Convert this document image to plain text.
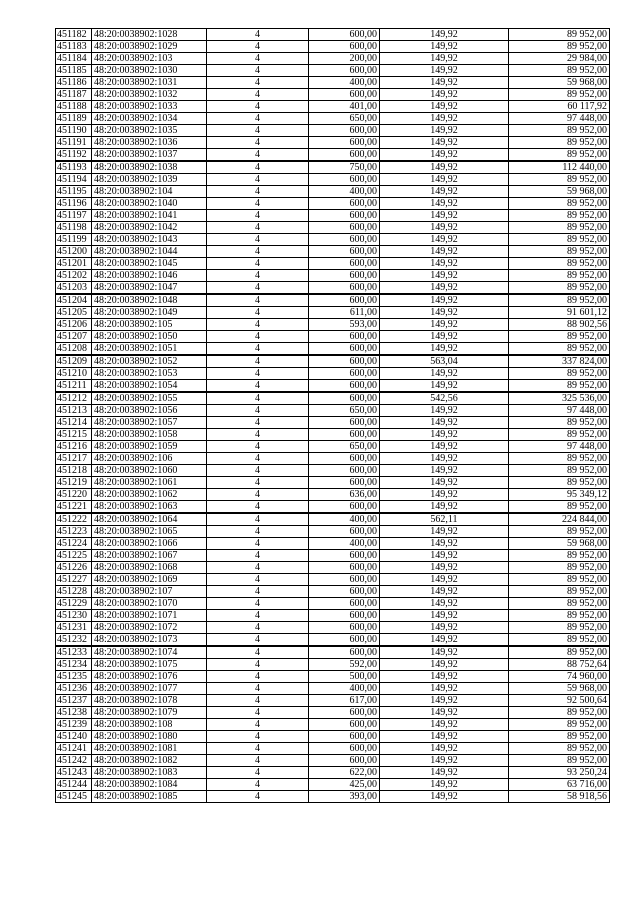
451182	48:20:0038902:1028	4	600,00	149,92	89 952,00
451183	48:20:0038902:1029	4	600,00	149,92	89 952,00
451184	48:20:0038902:103	4	200,00	149,92	29 984,00
451185	48:20:0038902:1030	4	600,00	149,92	89 952,00
451186	48:20:0038902:1031	4	400,00	149,92	59 968,00
451187	48:20:0038902:1032	4	600,00	149,92	89 952,00
451188	48:20:0038902:1033	4	401,00	149,92	60 117,92
451189	48:20:0038902:1034	4	650,00	149,92	97 448,00
451190	48:20:0038902:1035	4	600,00	149,92	89 952,00
451191	48:20:0038902:1036	4	600,00	149,92	89 952,00
451192	48:20:0038902:1037	4	600,00	149,92	89 952,00
451193	48:20:0038902:1038	4	750,00	149,92	112 440,00
451194	48:20:0038902:1039	4	600,00	149,92	89 952,00
451195	48:20:0038902:104	4	400,00	149,92	59 968,00
451196	48:20:0038902:1040	4	600,00	149,92	89 952,00
451197	48:20:0038902:1041	4	600,00	149,92	89 952,00
451198	48:20:0038902:1042	4	600,00	149,92	89 952,00
451199	48:20:0038902:1043	4	600,00	149,92	89 952,00
451200	48:20:0038902:1044	4	600,00	149,92	89 952,00
451201	48:20:0038902:1045	4	600,00	149,92	89 952,00
451202	48:20:0038902:1046	4	600,00	149,92	89 952,00
451203	48:20:0038902:1047	4	600,00	149,92	89 952,00
451204	48:20:0038902:1048	4	600,00	149,92	89 952,00
451205	48:20:0038902:1049	4	611,00	149,92	91 601,12
451206	48:20:0038902:105	4	593,00	149,92	88 902,56
451207	48:20:0038902:1050	4	600,00	149,92	89 952,00
451208	48:20:0038902:1051	4	600,00	149,92	89 952,00
451209	48:20:0038902:1052	4	600,00	563,04	337 824,00
451210	48:20:0038902:1053	4	600,00	149,92	89 952,00
451211	48:20:0038902:1054	4	600,00	149,92	89 952,00
451212	48:20:0038902:1055	4	600,00	542,56	325 536,00
451213	48:20:0038902:1056	4	650,00	149,92	97 448,00
451214	48:20:0038902:1057	4	600,00	149,92	89 952,00
451215	48:20:0038902:1058	4	600,00	149,92	89 952,00
451216	48:20:0038902:1059	4	650,00	149,92	97 448,00
451217	48:20:0038902:106	4	600,00	149,92	89 952,00
451218	48:20:0038902:1060	4	600,00	149,92	89 952,00
451219	48:20:0038902:1061	4	600,00	149,92	89 952,00
451220	48:20:0038902:1062	4	636,00	149,92	95 349,12
451221	48:20:0038902:1063	4	600,00	149,92	89 952,00
451222	48:20:0038902:1064	4	400,00	562,11	224 844,00
451223	48:20:0038902:1065	4	600,00	149,92	89 952,00
451224	48:20:0038902:1066	4	400,00	149,92	59 968,00
451225	48:20:0038902:1067	4	600,00	149,92	89 952,00
451226	48:20:0038902:1068	4	600,00	149,92	89 952,00
451227	48:20:0038902:1069	4	600,00	149,92	89 952,00
451228	48:20:0038902:107	4	600,00	149,92	89 952,00
451229	48:20:0038902:1070	4	600,00	149,92	89 952,00
451230	48:20:0038902:1071	4	600,00	149,92	89 952,00
451231	48:20:0038902:1072	4	600,00	149,92	89 952,00
451232	48:20:0038902:1073	4	600,00	149,92	89 952,00
451233	48:20:0038902:1074	4	600,00	149,92	89 952,00
451234	48:20:0038902:1075	4	592,00	149,92	88 752,64
451235	48:20:0038902:1076	4	500,00	149,92	74 960,00
451236	48:20:0038902:1077	4	400,00	149,92	59 968,00
451237	48:20:0038902:1078	4	617,00	149,92	92 500,64
451238	48:20:0038902:1079	4	600,00	149,92	89 952,00
451239	48:20:0038902:108	4	600,00	149,92	89 952,00
451240	48:20:0038902:1080	4	600,00	149,92	89 952,00
451241	48:20:0038902:1081	4	600,00	149,92	89 952,00
451242	48:20:0038902:1082	4	600,00	149,92	89 952,00
451243	48:20:0038902:1083	4	622,00	149,92	93 250,24
451244	48:20:0038902:1084	4	425,00	149,92	63 716,00
451245	48:20:0038902:1085	4	393,00	149,92	58 918,56
